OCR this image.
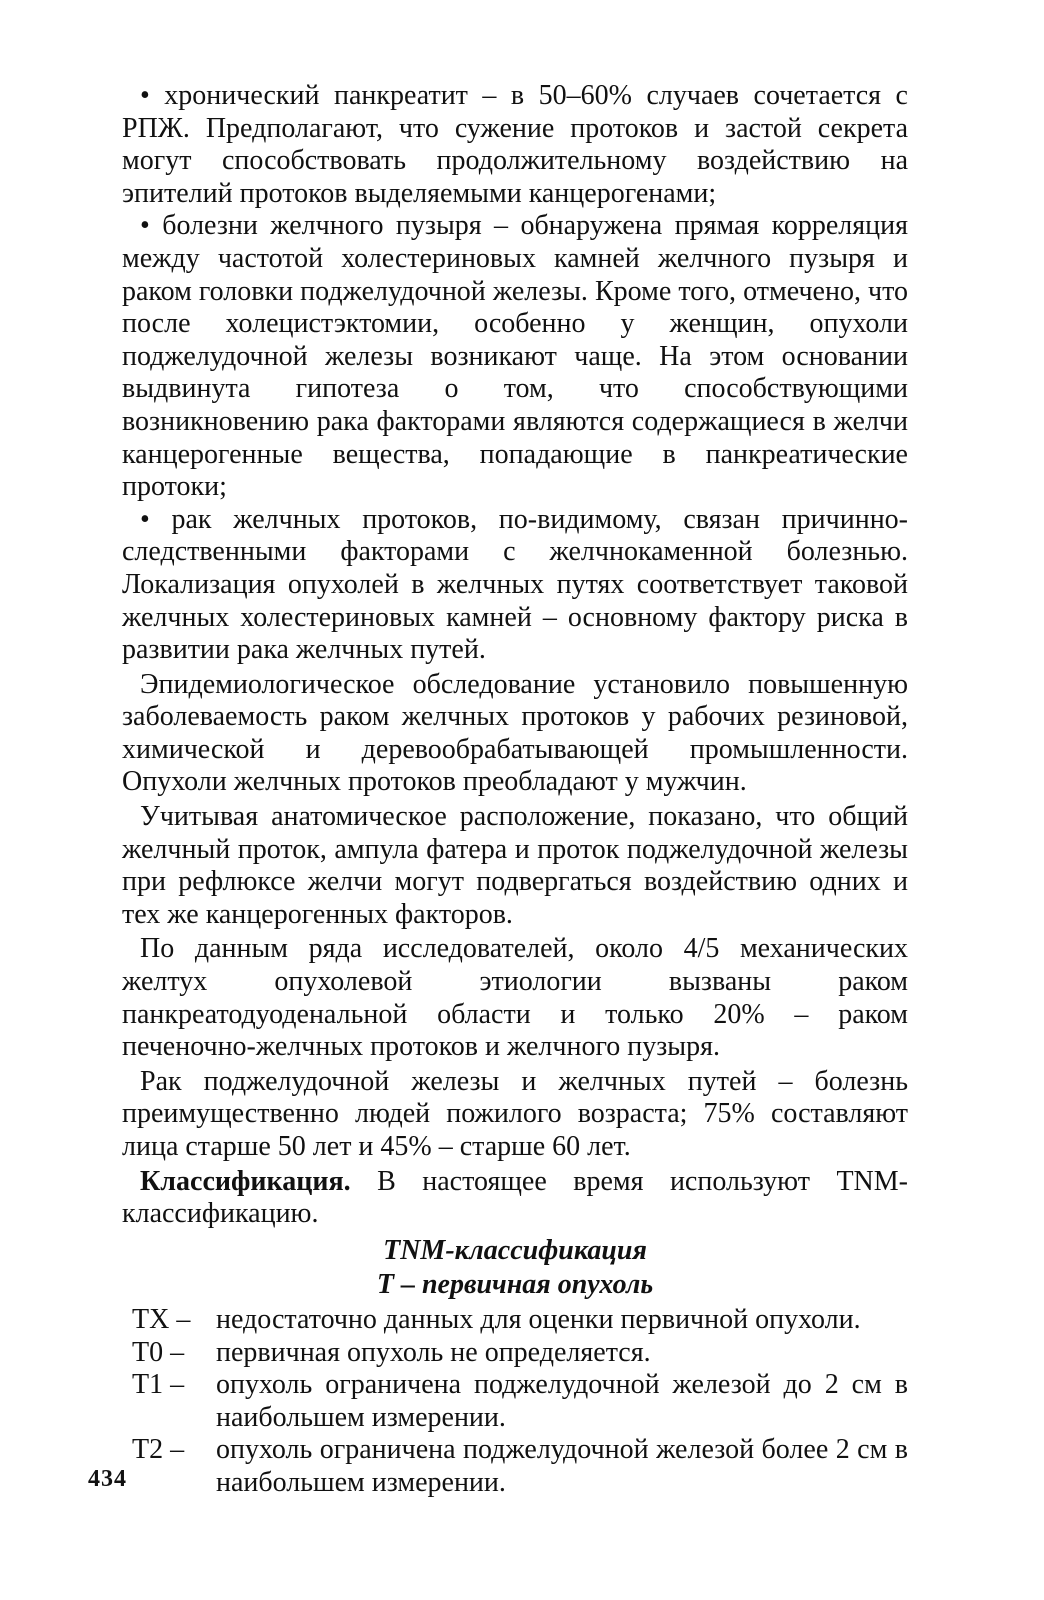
• хронический панкреатит – в 50–60% случаев сочетается с РПЖ. Предполагают, что сужение протоков и застой секрета могут способствовать продолжительному воздействию на эпителий протоков выделяемыми канцерогенами;

• болезни желчного пузыря – обнаружена прямая корреляция между частотой холестериновых камней желчного пузыря и раком головки поджелудочной железы. Кроме того, отмечено, что после холецистэктомии, особенно у женщин, опухоли поджелудочной железы возникают чаще. На этом основании выдвинута гипотеза о том, что способствующими возникновению рака факторами являются содержащиеся в желчи канцерогенные вещества, попадающие в панкреатические протоки;

• рак желчных протоков, по-видимому, связан причинно-следственными факторами с желчнокаменной болезнью. Локализация опухолей в желчных путях соответствует таковой желчных холестериновых камней – основному фактору риска в развитии рака желчных путей.

Эпидемиологическое обследование установило повышенную заболеваемость раком желчных протоков у рабочих резиновой, химической и деревообрабатывающей промышленности. Опухоли желчных протоков преобладают у мужчин.

Учитывая анатомическое расположение, показано, что общий желчный проток, ампула фатера и проток поджелудочной железы при рефлюксе желчи могут подвергаться воздействию одних и тех же канцерогенных факторов.

По данным ряда исследователей, около 4/5 механических желтух опухолевой этиологии вызваны раком панкреатодуоденальной области и только 20% – раком печеночно-желчных протоков и желчного пузыря.

Рак поджелудочной железы и желчных путей – болезнь преимущественно людей пожилого возраста; 75% составляют лица старше 50 лет и 45% – старше 60 лет.

Классификация. В настоящее время используют TNM-классификацию.

TNM-классификация

Т – первичная опухоль

TX – недостаточно данных для оценки первичной опухоли.
T0 –	первичная опухоль не определяется.
T1 –	опухоль ограничена поджелудочной железой до 2 см в наибольшем измерении.
T2 –	опухоль ограничена поджелудочной железой более 2 см в наибольшем измерении.
434
